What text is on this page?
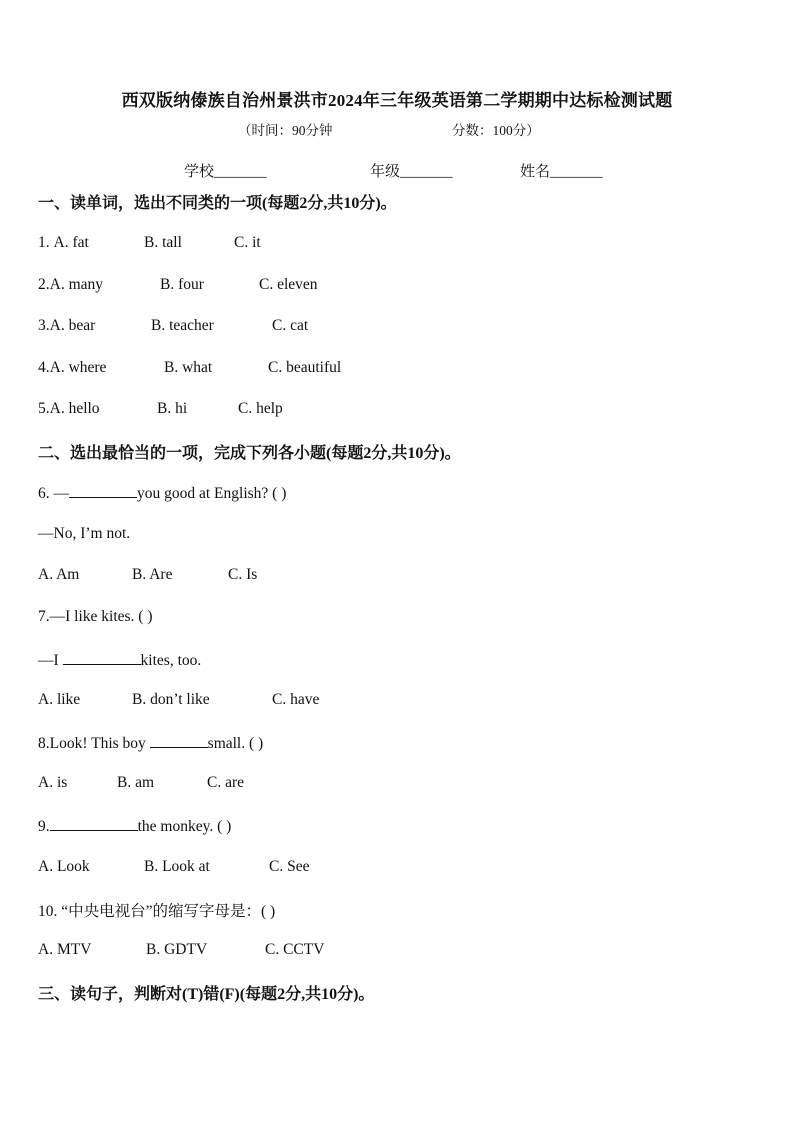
西双版纳傣族自治州景洪市2024年三年级英语第二学期期中达标检测试题
（时间：90分钟	分数：100分）
学校_______	年级_______	姓名_______
一、读单词，选出不同类的一项(每题2分,共10分)。
1. A. fat	B. tall	C. it
2.A. many	B. four	C. eleven
3.A. bear	B. teacher	C. cat
4.A. where	B. what	C. beautiful
5.A. hello	B. hi	C. help
二、选出最恰当的一项，完成下列各小题(每题2分,共10分)。
6. —	you good at English? ( )
—No, I’m not.
A. Am	B. Are	C. Is
7.—I like kites. ( )
—I	kites, too.
A. like	B. don’t like	C. have
8.Look! This boy	small. ( )
A. is	B. am	C. are
9.	the monkey. ( )
A. Look	B. Look at	C. See
10. “中央电视台”的缩写字母是：( )
A. MTV	B. GDTV	C. CCTV
三、读句子，判断对(T)错(F)(每题2分,共10分)。
